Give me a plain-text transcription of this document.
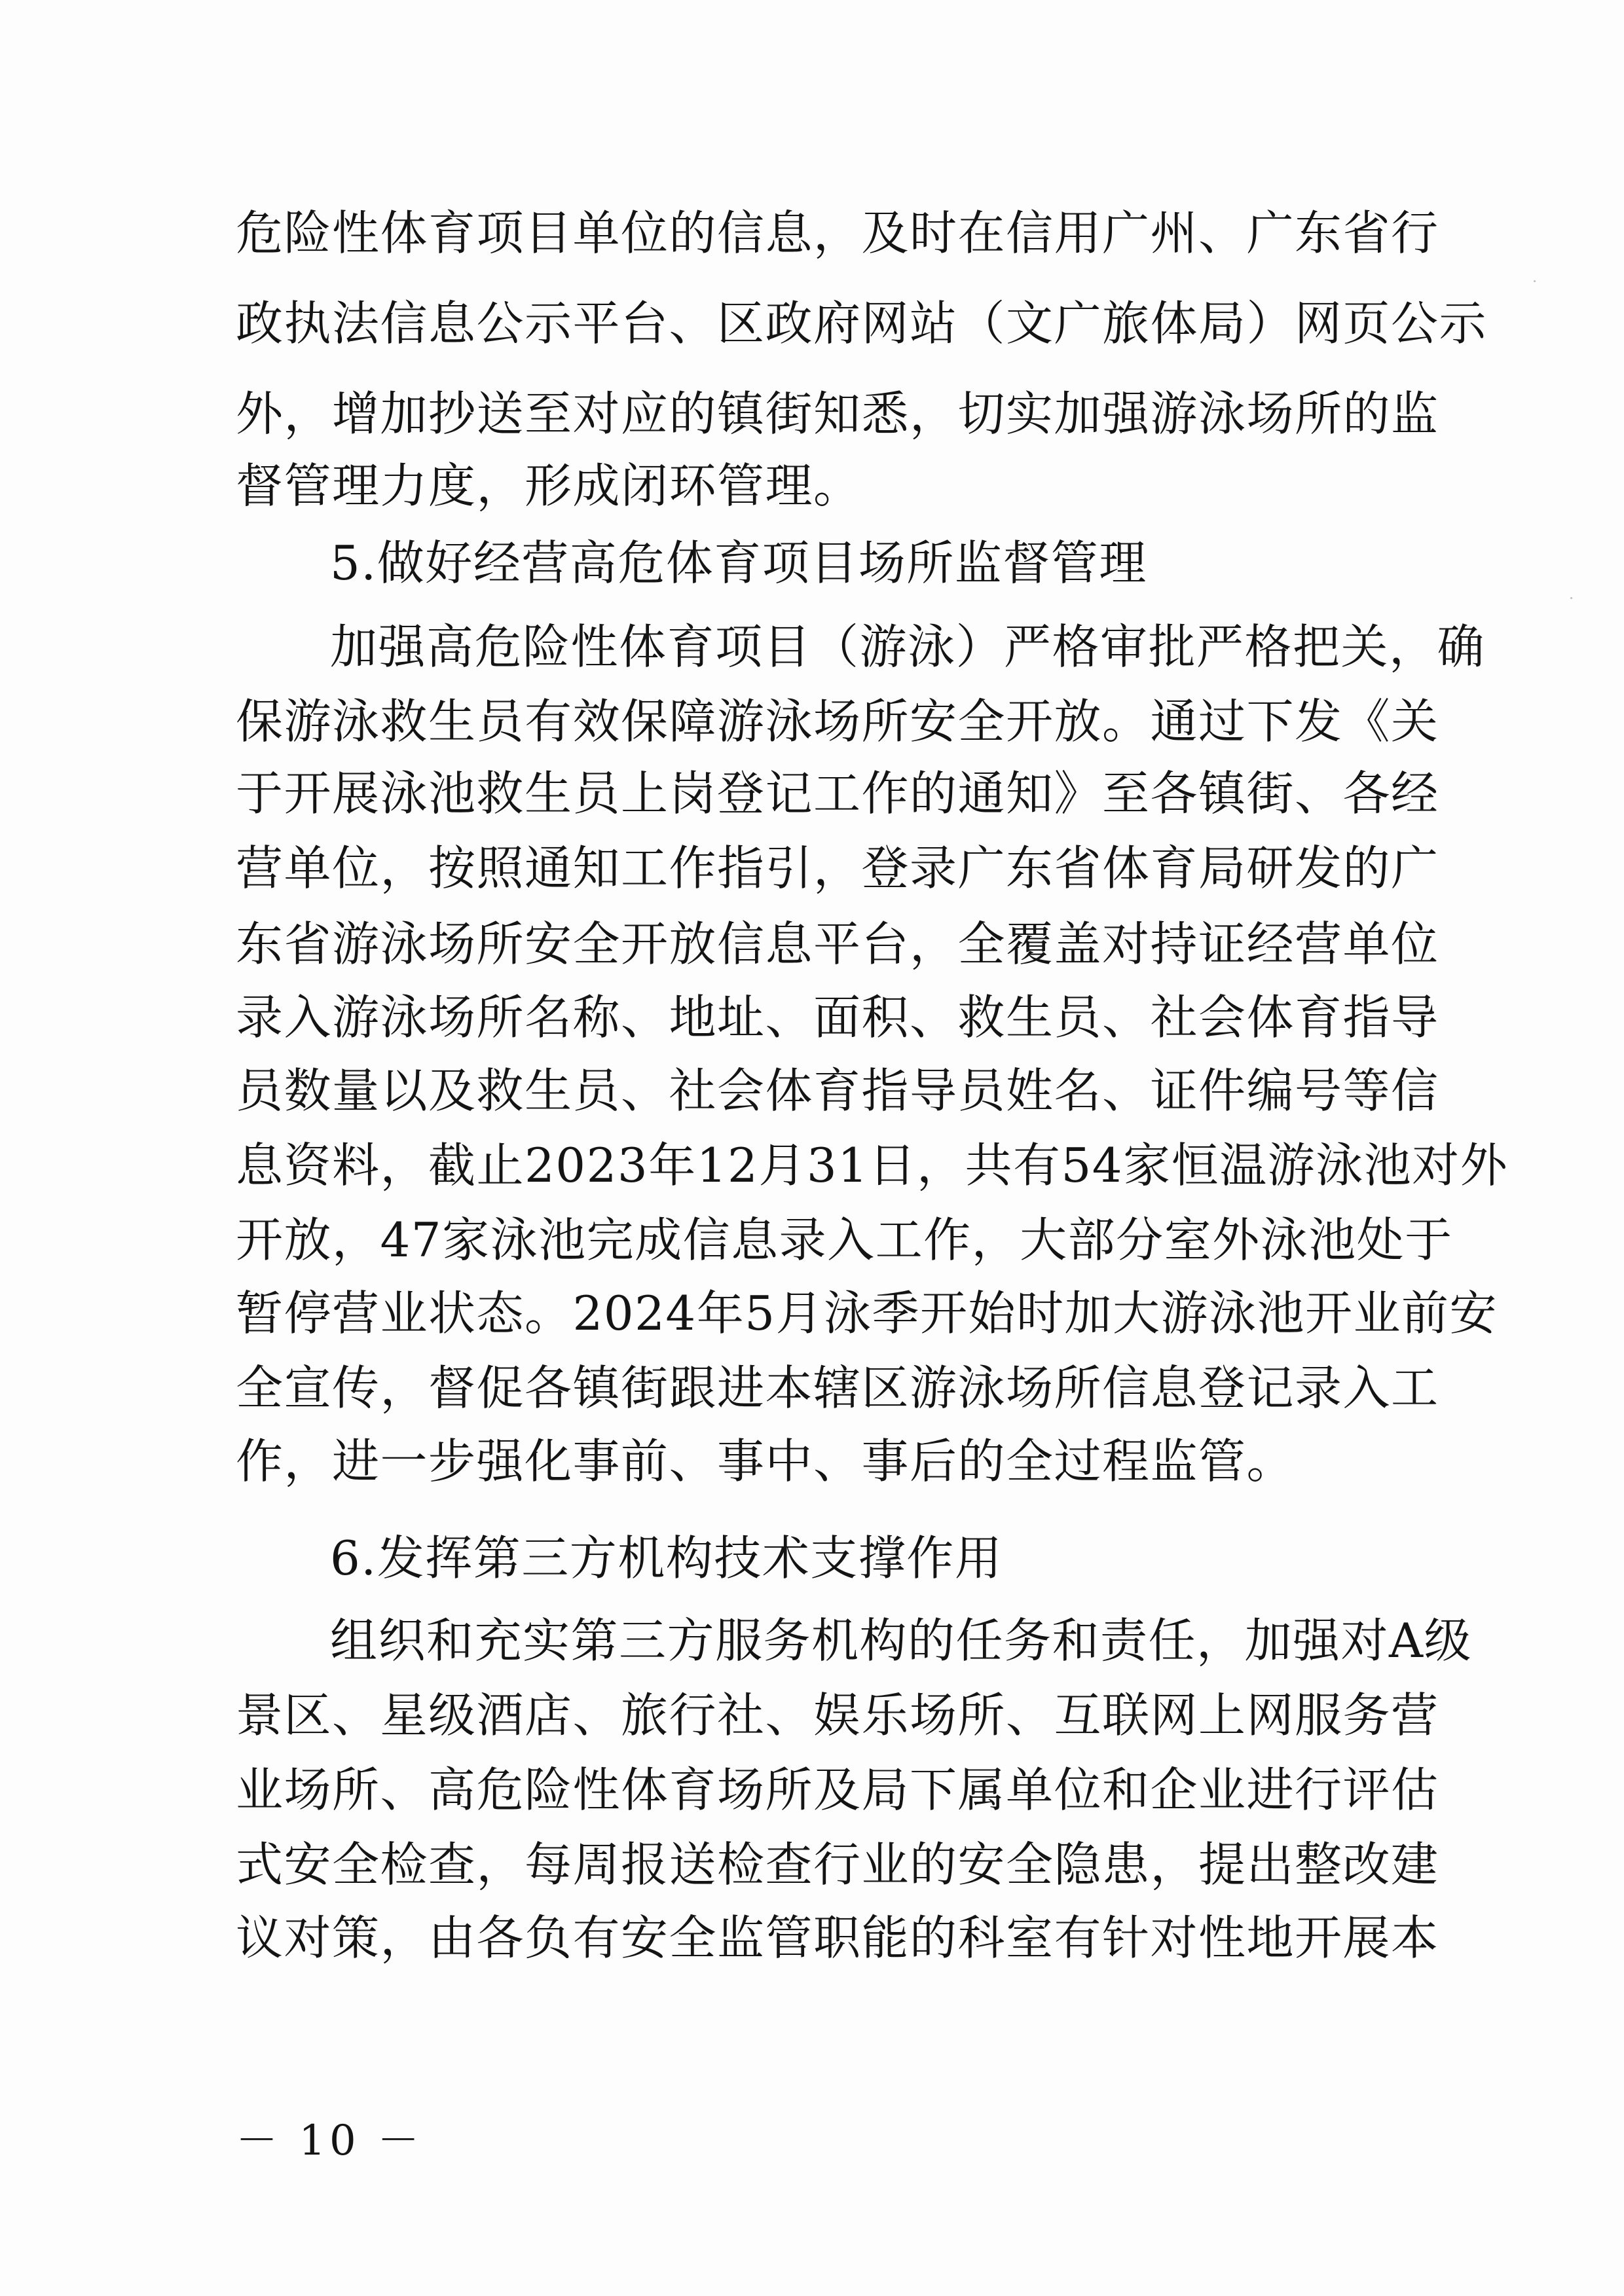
危险性体育项目单位的信息，及时在信用广州、广东省行
政执法信息公示平台、区政府网站（文广旅体局）网页公示
外，增加抄送至对应的镇街知悉，切实加强游泳场所的监
督管理力度，形成闭环管理。
5.做好经营高危体育项目场所监督管理
加强高危险性体育项目（游泳）严格审批严格把关，确
保游泳救生员有效保障游泳场所安全开放。通过下发《关
于开展泳池救生员上岗登记工作的通知》至各镇街、各经
营单位，按照通知工作指引，登录广东省体育局研发的广
东省游泳场所安全开放信息平台，全覆盖对持证经营单位
录入游泳场所名称、地址、面积、救生员、社会体育指导
员数量以及救生员、社会体育指导员姓名、证件编号等信
息资料，截止2023年12月31日，共有54家恒温游泳池对外
开放，47家泳池完成信息录入工作，大部分室外泳池处于
暂停营业状态。2024年5月泳季开始时加大游泳池开业前安
全宣传，督促各镇街跟进本辖区游泳场所信息登记录入工
作，进一步强化事前、事中、事后的全过程监管。
6.发挥第三方机构技术支撑作用
组织和充实第三方服务机构的任务和责任，加强对A级
景区、星级酒店、旅行社、娱乐场所、互联网上网服务营
业场所、高危险性体育场所及局下属单位和企业进行评估
式安全检查，每周报送检查行业的安全隐患，提出整改建
议对策，由各负有安全监管职能的科室有针对性地开展本
－ 10 －
